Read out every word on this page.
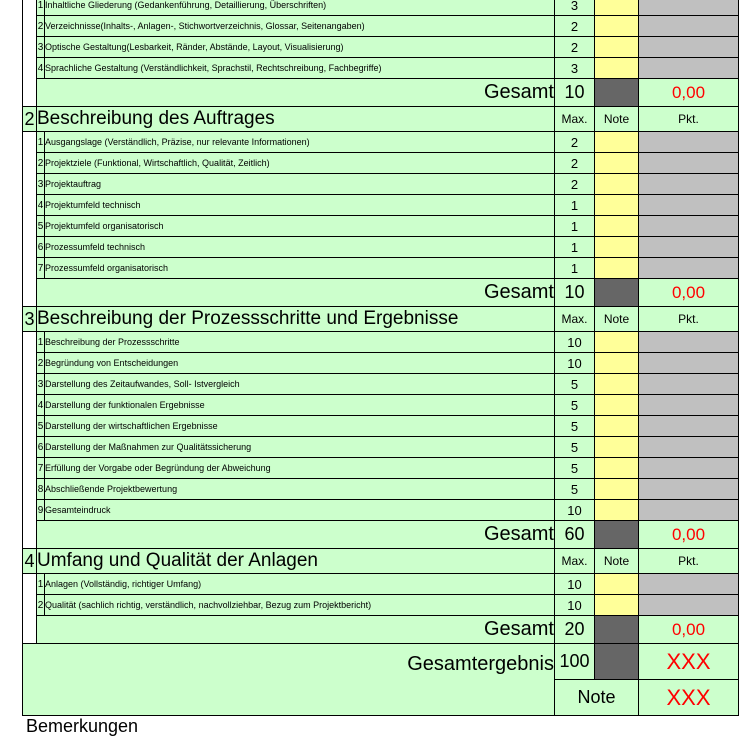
	1	Inhaltliche Gliederung (Gedankenführung, Detaillierung, Überschriften)	3		
	2	Verzeichnisse(Inhalts-, Anlagen-, Stichwortverzeichnis, Glossar, Seitenangaben)	2		
	3	Optische Gestaltung(Lesbarkeit, Ränder, Abstände, Layout, Visualisierung)	2		
	4	Sprachliche Gestaltung (Verständlichkeit, Sprachstil, Rechtschreibung, Fachbegriffe)	3		
	Gesamt		10		0,00
2	Beschreibung des Auftrages		Max.	Note	Pkt.
	1	Ausgangslage (Verständlich, Präzise, nur relevante Informationen)	2		
	2	Projektziele (Funktional, Wirtschaftlich, Qualität, Zeitlich)	2		
	3	Projektauftrag	2		
	4	Projektumfeld technisch	1		
	5	Projektumfeld organisatorisch	1		
	6	Prozessumfeld technisch	1		
	7	Prozessumfeld organisatorisch	1		
	Gesamt		10		0,00
3	Beschreibung der Prozessschritte und Ergebnisse		Max.	Note	Pkt.
	1	Beschreibung der Prozessschritte	10		
	2	Begründung von Entscheidungen	10		
	3	Darstellung des Zeitaufwandes, Soll- Istvergleich	5		
	4	Darstellung der funktionalen Ergebnisse	5		
	5	Darstellung der wirtschaftlichen Ergebnisse	5		
	6	Darstellung der Maßnahmen zur Qualitätssicherung	5		
	7	Erfüllung der Vorgabe oder Begründung der Abweichung	5		
	8	Abschließende Projektbewertung	5		
	9	Gesamteindruck	10		
	Gesamt		60		0,00
4	Umfang und Qualität der Anlagen		Max.	Note	Pkt.
	1	Anlagen (Vollständig, richtiger Umfang)	10		
	2	Qualität (sachlich richtig, verständlich, nachvollziehbar, Bezug zum Projektbericht)	10		
	Gesamt		20		0,00
Gesamtergebnis			100		XXX
			Note		XXX
Bemerkungen
